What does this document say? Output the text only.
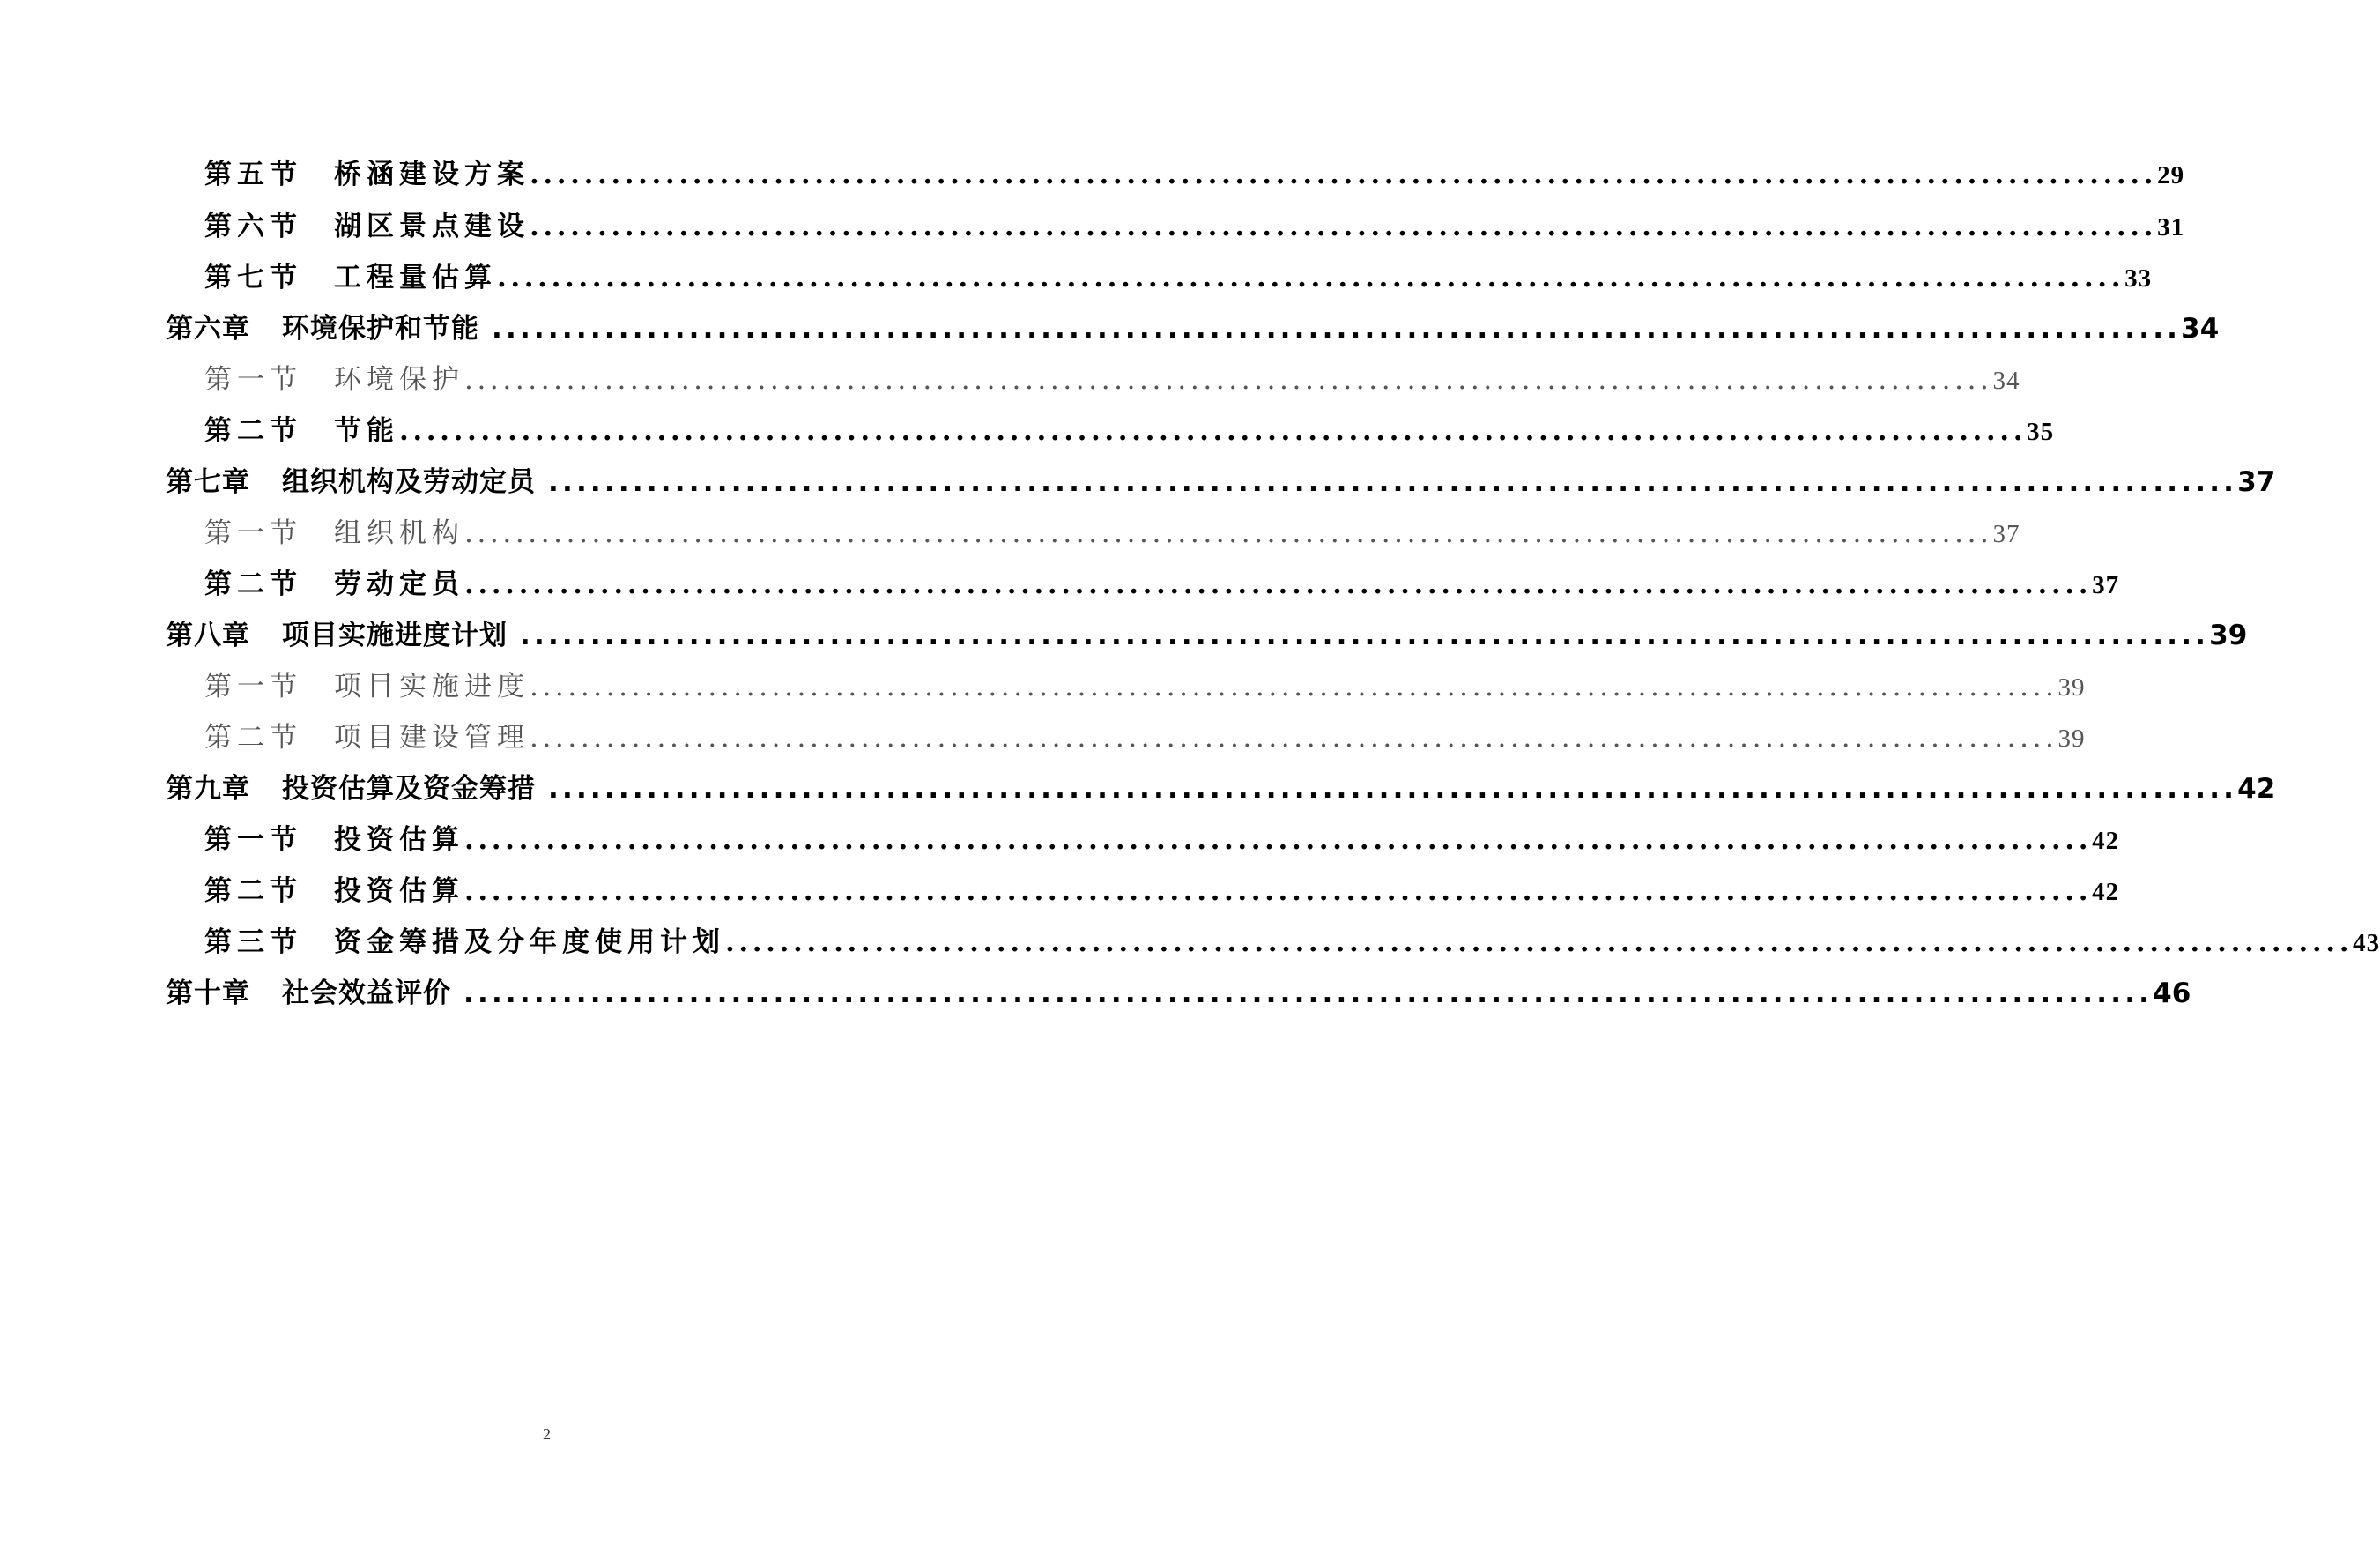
第五节 桥涵建设方案 ........................................................................................................................ 29
第六节 湖区景点建设 ........................................................................................................................ 31
第七节 工程量估算 ........................................................................................................................ 33
第六章 环境保护和节能 ........................................................................................................................ 34
第一节 环境保护 ........................................................................................................................ 34
第二节 节能 ........................................................................................................................ 35
第七章 组织机构及劳动定员 ........................................................................................................................ 37
第一节 组织机构 ........................................................................................................................ 37
第二节 劳动定员 ........................................................................................................................ 37
第八章 项目实施进度计划 ........................................................................................................................ 39
第一节 项目实施进度 ........................................................................................................................ 39
第二节 项目建设管理 ........................................................................................................................ 39
第九章 投资估算及资金筹措 ........................................................................................................................ 42
第一节 投资估算 ........................................................................................................................ 42
第二节 投资估算 ........................................................................................................................ 42
第三节 资金筹措及分年度使用计划 ........................................................................................................................ 43
第十章 社会效益评价 ........................................................................................................................ 46
2
